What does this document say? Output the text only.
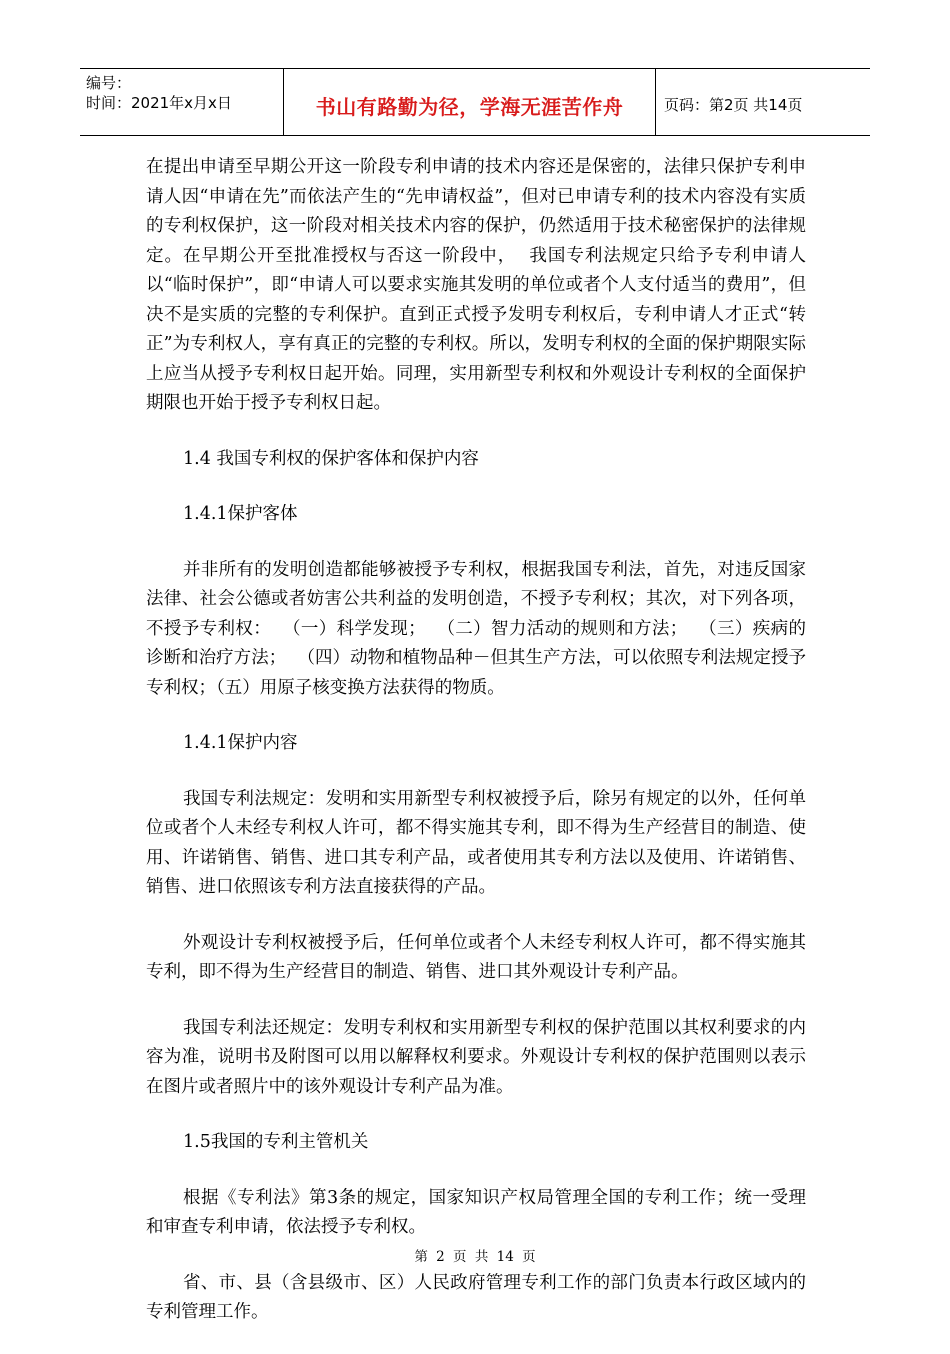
编号：
时间：2021年x月x日	书山有路勤为径，学海无涯苦作舟	页码：第2页 共14页

在提出申请至早期公开这一阶段专利申请的技术内容还是保密的，法律只保护专利申请人因“申请在先”而依法产生的“先申请权益”，但对已申请专利的技术内容没有实质的专利权保护，这一阶段对相关技术内容的保护，仍然适用于技术秘密保护的法律规定。在早期公开至批准授权与否这一阶段中，  我国专利法规定只给予专利申请人以“临时保护”，即“申请人可以要求实施其发明的单位或者个人支付适当的费用”，但决不是实质的完整的专利保护。直到正式授予发明专利权后，专利申请人才正式“转正”为专利权人，享有真正的完整的专利权。所以，发明专利权的全面的保护期限实际上应当从授予专利权日起开始。同理，实用新型专利权和外观设计专利权的全面保护期限也开始于授予专利权日起。

1.4 我国专利权的保护客体和保护内容

1.4.1保护客体

并非所有的发明创造都能够被授予专利权，根据我国专利法，首先，对违反国家法律、社会公德或者妨害公共利益的发明创造，不授予专利权；其次，对下列各项，不授予专利权：  （一）科学发现；  （二）智力活动的规则和方法；  （三）疾病的诊断和治疗方法；  （四）动物和植物品种－但其生产方法，可以依照专利法规定授予专利权；（五）用原子核变换方法获得的物质。

1.4.1保护内容

我国专利法规定：发明和实用新型专利权被授予后，除另有规定的以外，任何单位或者个人未经专利权人许可，都不得实施其专利，即不得为生产经营目的制造、使用、许诺销售、销售、进口其专利产品，或者使用其专利方法以及使用、许诺销售、销售、进口依照该专利方法直接获得的产品。

外观设计专利权被授予后，任何单位或者个人未经专利权人许可，都不得实施其专利，即不得为生产经营目的制造、销售、进口其外观设计专利产品。

我国专利法还规定：发明专利权和实用新型专利权的保护范围以其权利要求的内容为准，说明书及附图可以用以解释权利要求。外观设计专利权的保护范围则以表示在图片或者照片中的该外观设计专利产品为准。

1.5我国的专利主管机关

根据《专利法》第3条的规定，国家知识产权局管理全国的专利工作；统一受理和审查专利申请，依法授予专利权。

省、市、县（含县级市、区）人民政府管理专利工作的部门负责本行政区域内的专利管理工作。

第 2 页 共 14 页
